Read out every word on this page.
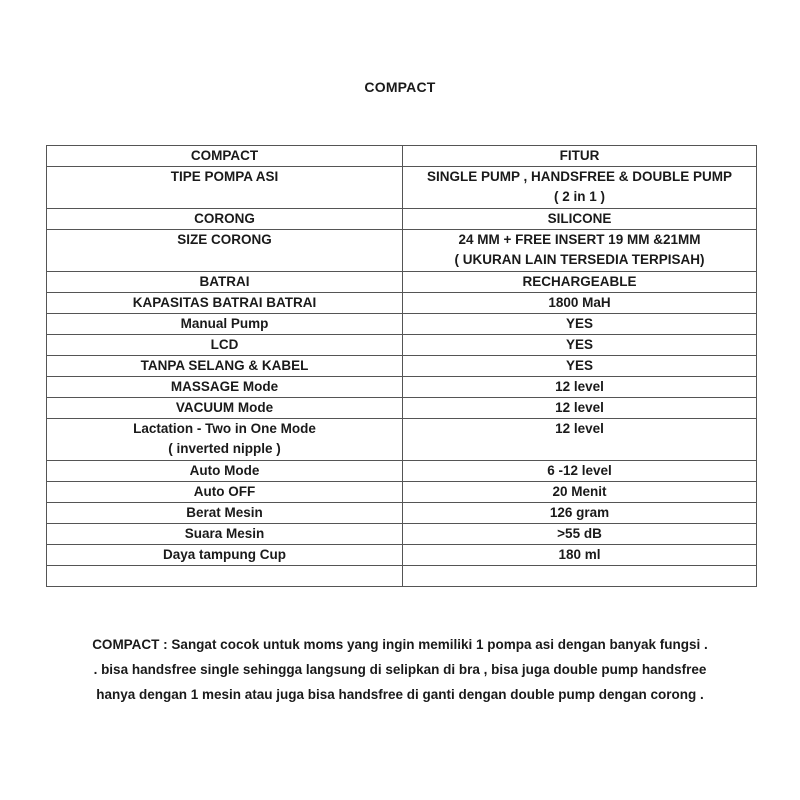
COMPACT
COMPACT	FITUR
TIPE POMPA ASI	SINGLE PUMP , HANDSFREE & DOUBLE PUMP
( 2 in 1 )
CORONG	SILICONE
SIZE CORONG	24 MM + FREE INSERT 19 MM &21MM
( UKURAN LAIN TERSEDIA TERPISAH)
BATRAI	RECHARGEABLE
KAPASITAS BATRAI BATRAI	1800 MaH
Manual Pump	YES
LCD	YES
TANPA SELANG & KABEL	YES
MASSAGE Mode	12 level
VACUUM Mode	12 level
Lactation - Two in One Mode
( inverted nipple )	12 level
Auto Mode	6 -12 level
Auto OFF	20 Menit
Berat Mesin	126 gram
Suara Mesin	>55 dB
Daya tampung Cup	180 ml

COMPACT : Sangat cocok untuk moms yang ingin memiliki 1 pompa asi dengan banyak fungsi .

. bisa handsfree single sehingga langsung di selipkan di bra , bisa juga double pump handsfree

hanya dengan 1 mesin atau juga bisa handsfree di ganti dengan double pump dengan corong .
